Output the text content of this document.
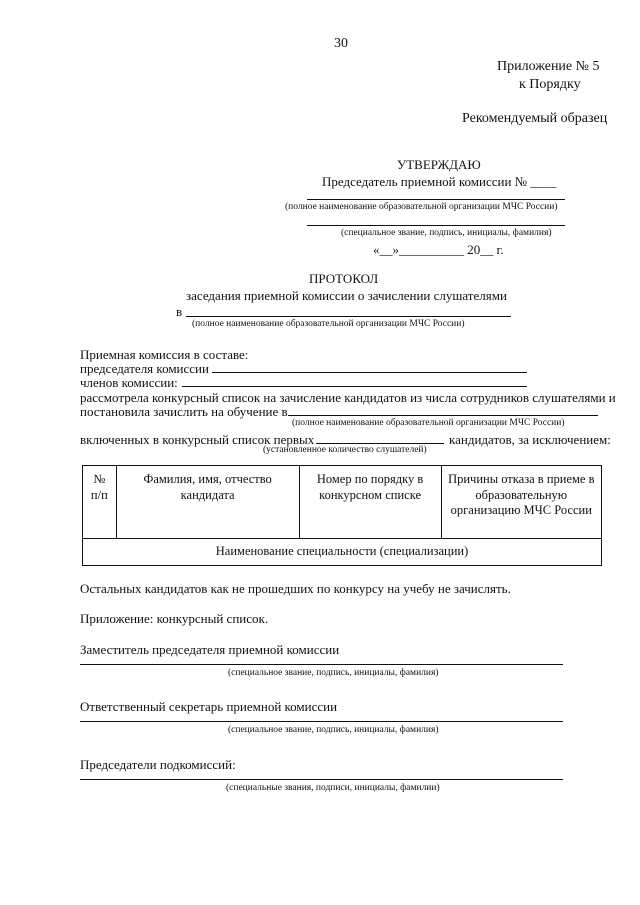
30
Приложение № 5
к Порядку
Рекомендуемый образец
УТВЕРЖДАЮ
Председатель приемной комиссии № ____
(полное наименование образовательной организации МЧС России)
(специальное звание, подпись, инициалы, фамилия)
«__»__________ 20__ г.
ПРОТОКОЛ
заседания приемной комиссии о зачислении слушателями
в
(полное наименование образовательной организации МЧС России)
Приемная комиссия в составе:
председателя комиссии
членов комиссии:
рассмотрела конкурсный список на зачисление кандидатов из числа сотрудников слушателями и
постановила зачислить на обучение в
(полное наименование образовательной организации МЧС России)
включенных в конкурсный список первых	кандидатов, за исключением:
(установленное количество слушателей)
№ п/п	Фамилия, имя, отчество кандидата	Номер по порядку в конкурсном списке	Причины отказа в приеме в образовательную организацию МЧС России
Наименование специальности (специализации)
Остальных кандидатов как не прошедших по конкурсу на учебу не зачислять.
Приложение: конкурсный список.
Заместитель председателя приемной комиссии
(специальное звание, подпись, инициалы, фамилия)
Ответственный секретарь приемной комиссии
(специальное звание, подпись, инициалы, фамилия)
Председатели подкомиссий:
(специальные звания, подписи, инициалы, фамилии)
